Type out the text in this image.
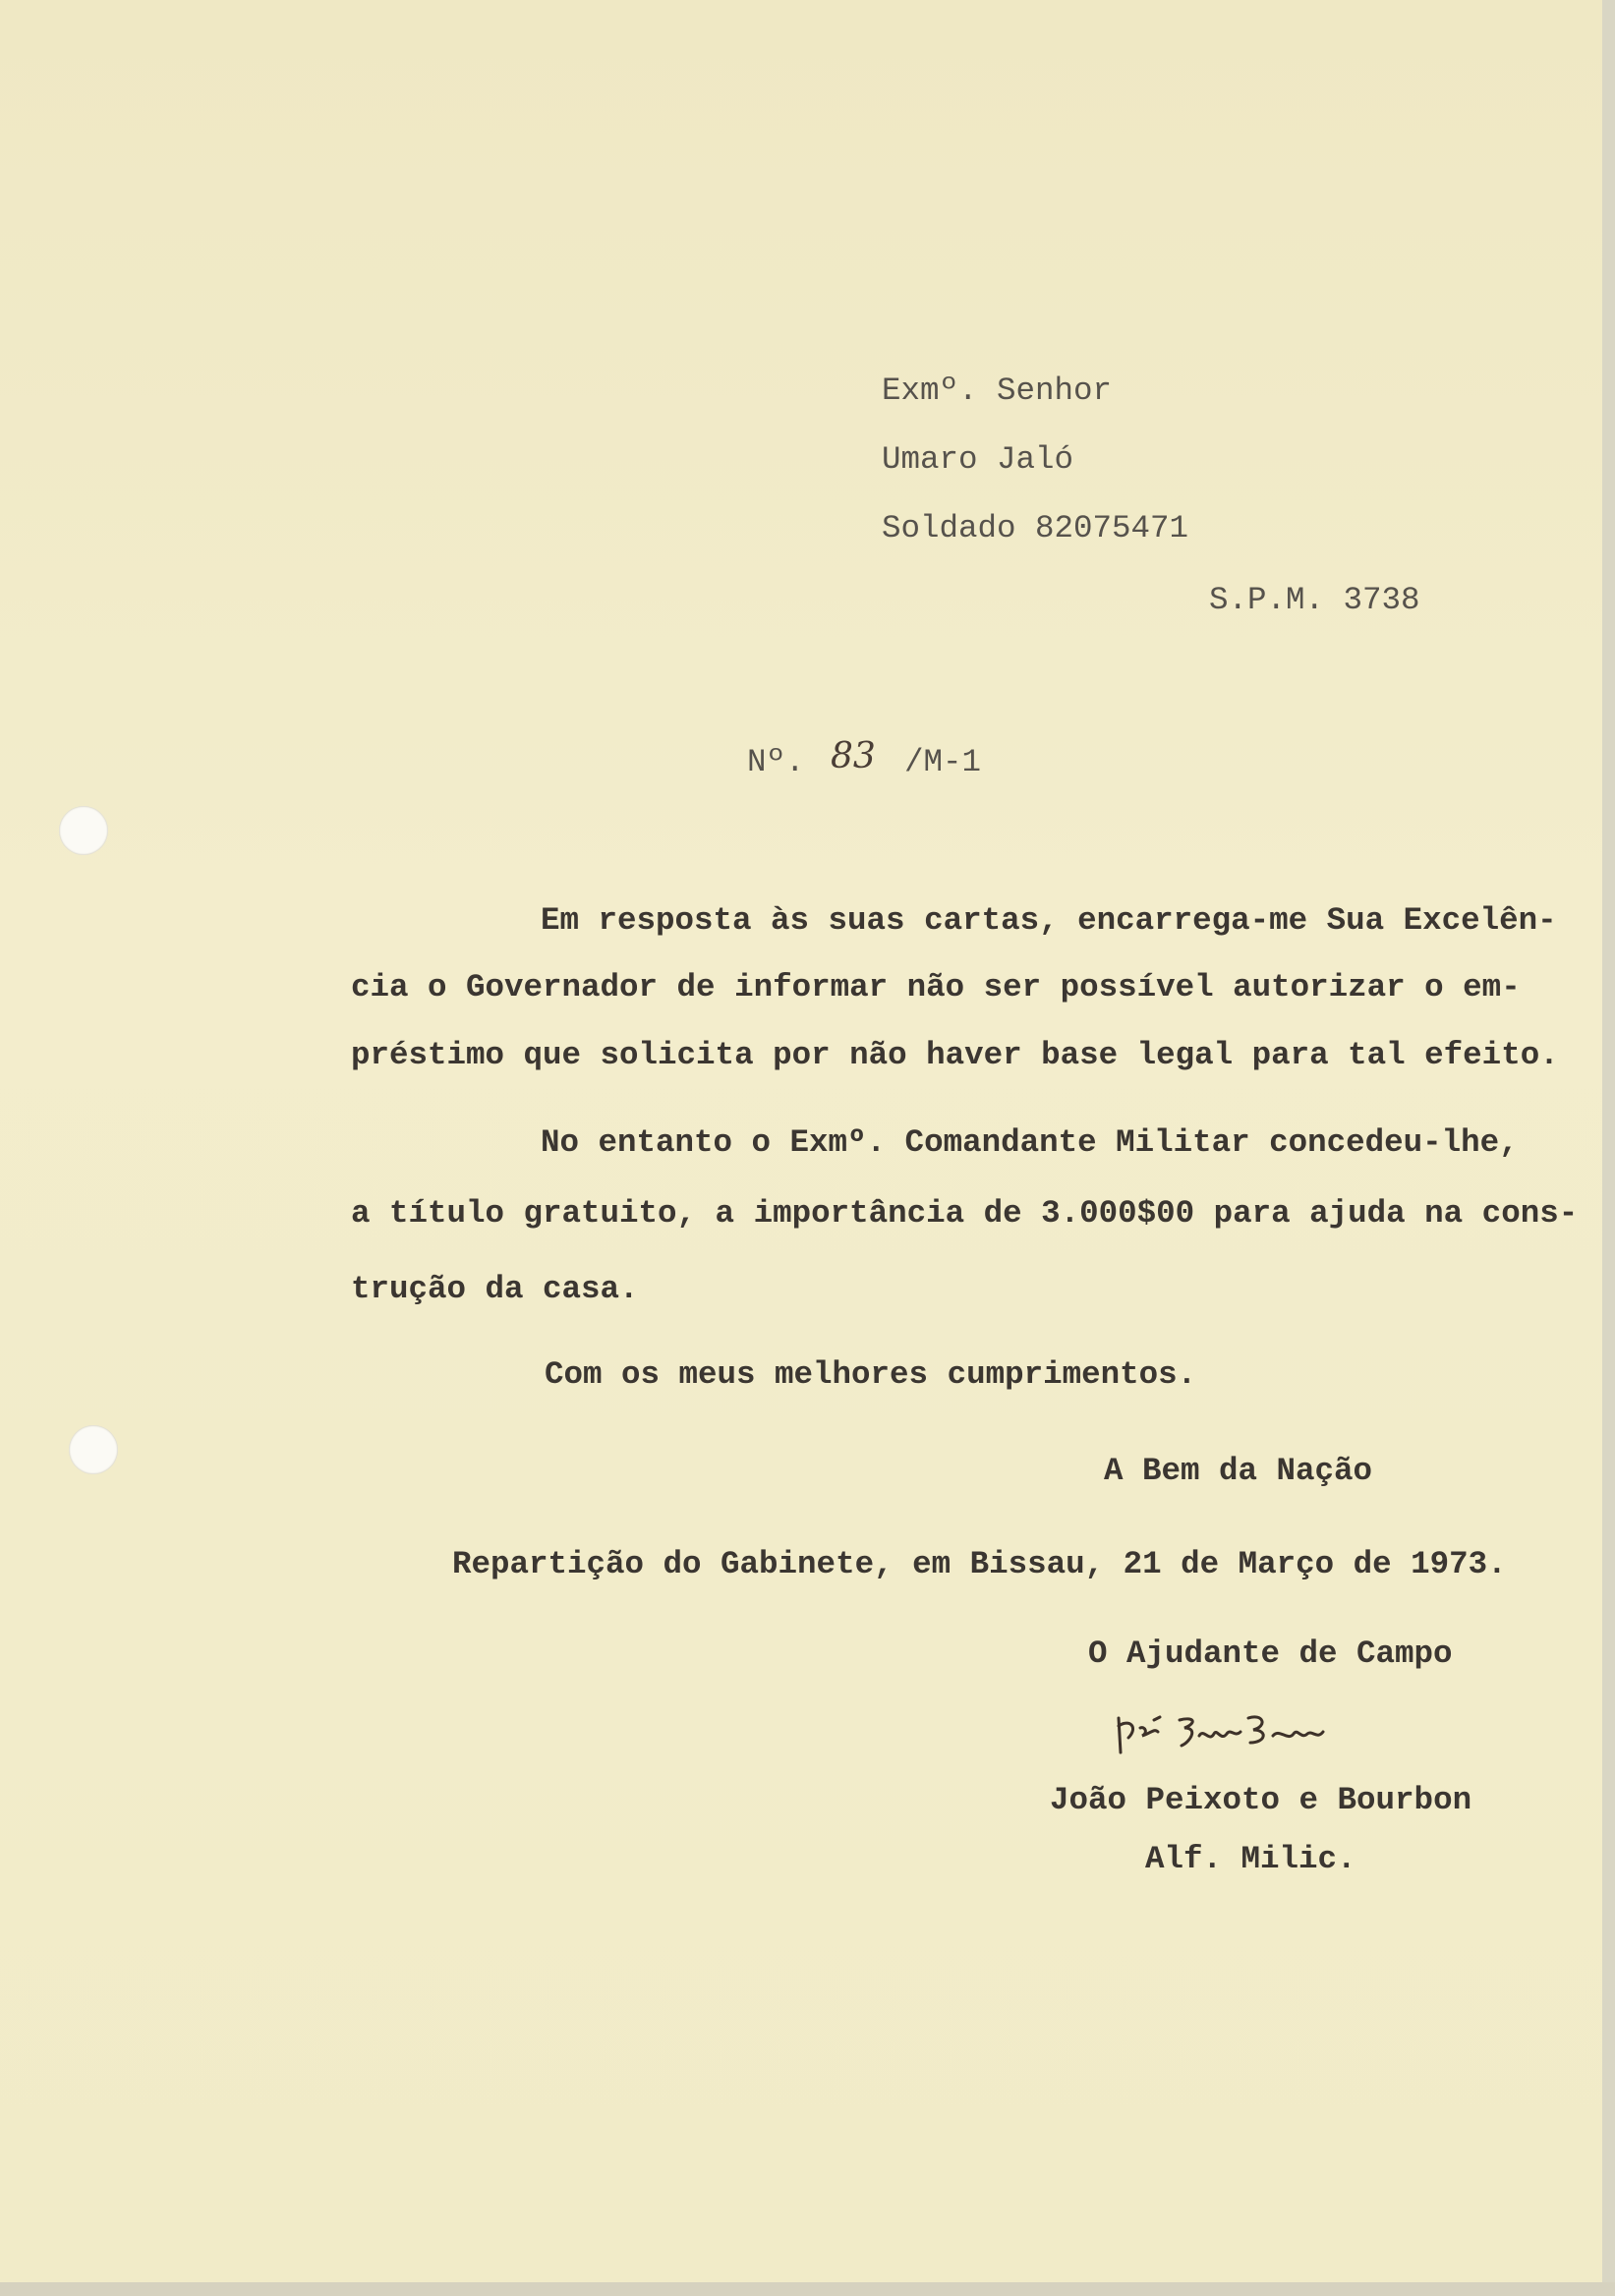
Exmº. Senhor
Umaro Jaló
Soldado 82075471
S.P.M. 3738
Nº. 83 /M-1
Em resposta às suas cartas, encarrega-me Sua Excelên-
cia o Governador de informar não ser possível autorizar o em-
préstimo que solicita por não haver base legal para tal efeito.
No entanto o Exmº. Comandante Militar concedeu-lhe,
a título gratuito, a importância de 3.000$00 para ajuda na cons-
trução da casa.
Com os meus melhores cumprimentos.
A Bem da Nação
Repartição do Gabinete, em Bissau, 21 de Março de 1973.
O Ajudante de Campo
João Peixoto e Bourbon
Alf. Milic.
